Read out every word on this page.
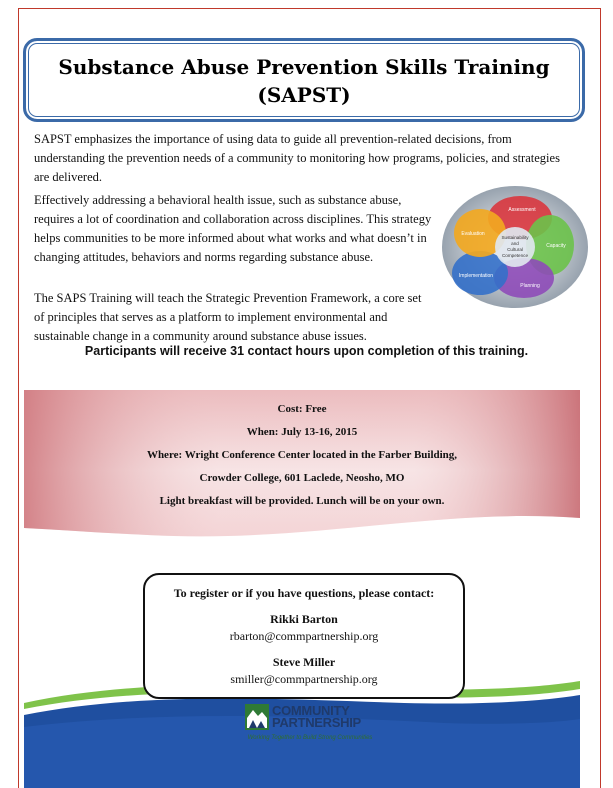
Substance Abuse Prevention Skills Training
(SAPST)
SAPST emphasizes the importance of using data to guide all prevention-related decisions, from understanding the prevention needs of a community to monitoring how programs, policies, and strategies are delivered.
Effectively addressing a behavioral health issue, such as substance abuse, requires a lot of coordination and collaboration across disciplines. This strategy helps communities to be more informed about what works and what doesn’t in changing attitudes, behaviors and norms regarding substance abuse.
The SAPS Training will teach the Strategic Prevention Framework, a core set of principles that serves as a platform to implement environmental and sustainable change in a community around substance abuse issues.
Assessment
Capacity
Planning
Implementation
Evaluation
Sustainability
and
Cultural
Competence
Participants will receive 31 contact hours upon completion of this training.
Cost: Free
When: July 13-16, 2015
Where: Wright Conference Center located in the Farber Building,
Crowder College, 601 Laclede, Neosho, MO
Light breakfast will be provided. Lunch will be on your own.
To register or if you have questions, please contact:
Rikki Barton
rbarton@commpartnership.org
Steve Miller
smiller@commpartnership.org
COMMUNITY
PARTNERSHIP
Working Together to Build Strong Communities
